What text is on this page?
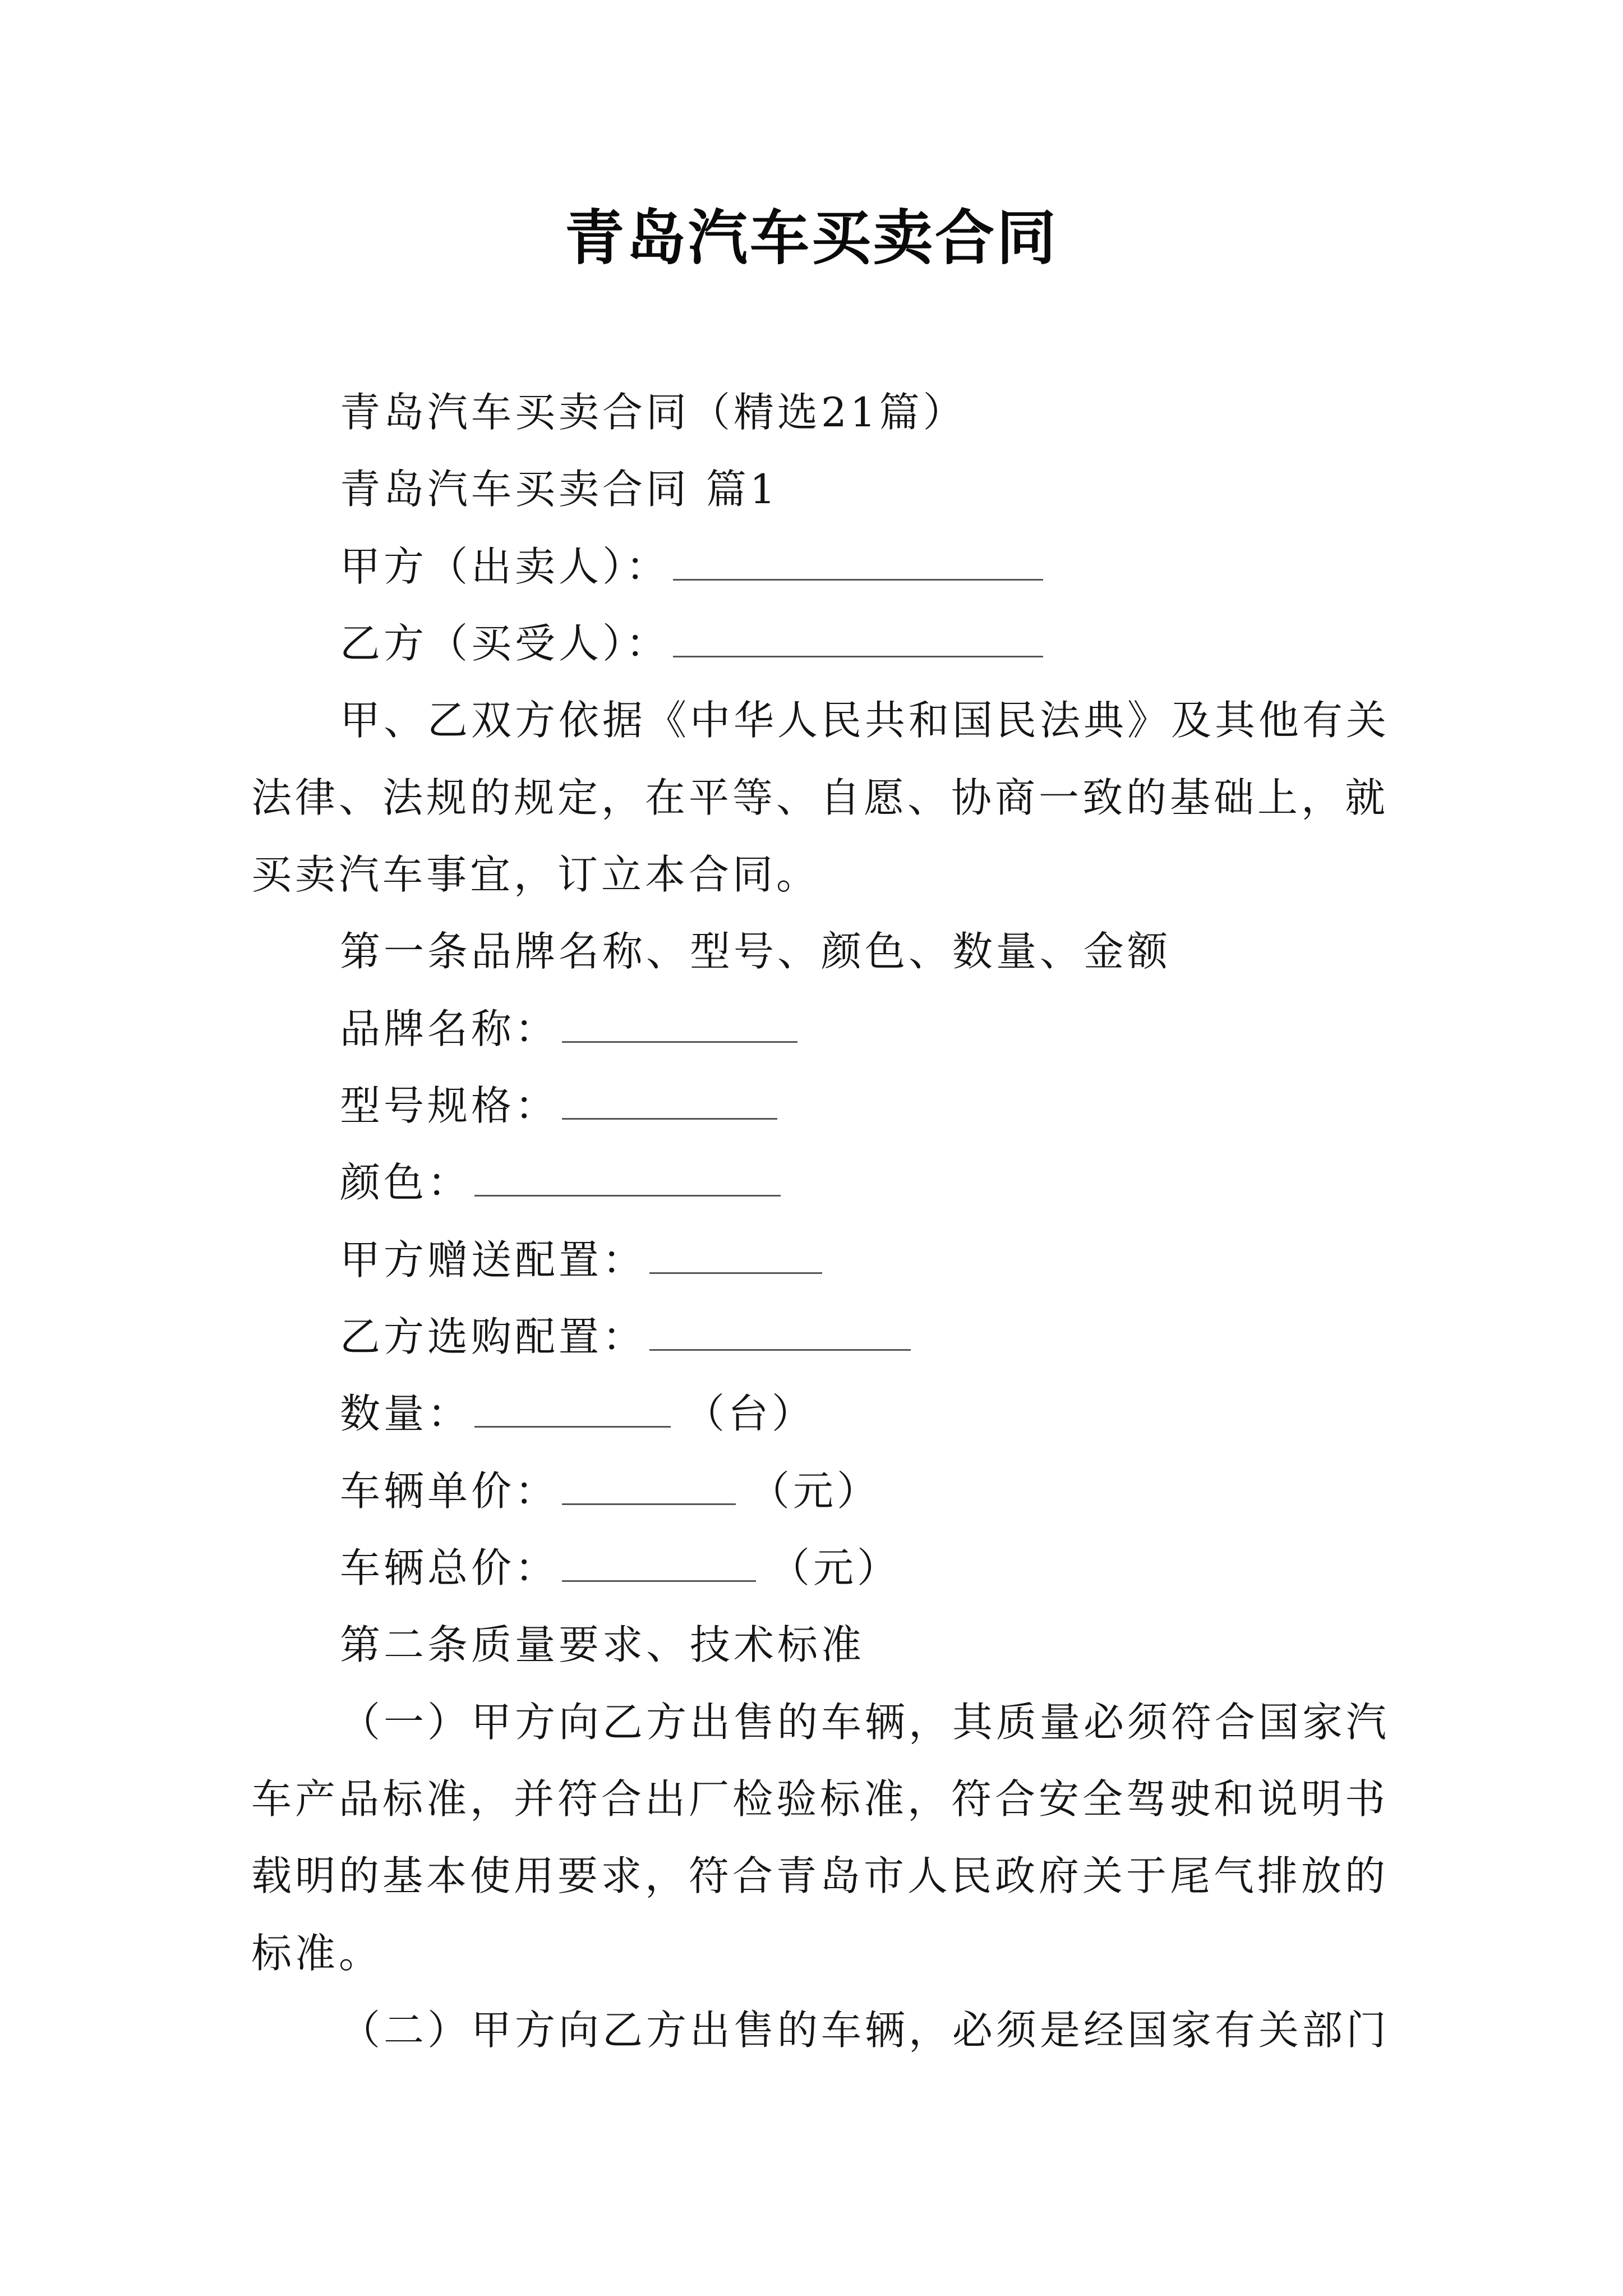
青岛汽车买卖合同
青岛汽车买卖合同（精选21篇）
青岛汽车买卖合同 篇1
甲方（出卖人）：
乙方（买受人）：
甲、乙双方依据《中华人民共和国民法典》及其他有关
法律、法规的规定，在平等、自愿、协商一致的基础上，就
买卖汽车事宜，订立本合同。
第一条品牌名称、型号、颜色、数量、金额
品牌名称：
型号规格：
颜色：
甲方赠送配置：
乙方选购配置：
数量：	（台）
车辆单价：	（元）
车辆总价：	（元）
第二条质量要求、技术标准
（一）甲方向乙方出售的车辆，其质量必须符合国家汽
车产品标准，并符合出厂检验标准，符合安全驾驶和说明书
载明的基本使用要求，符合青岛市人民政府关于尾气排放的
标准。
（二）甲方向乙方出售的车辆，必须是经国家有关部门
